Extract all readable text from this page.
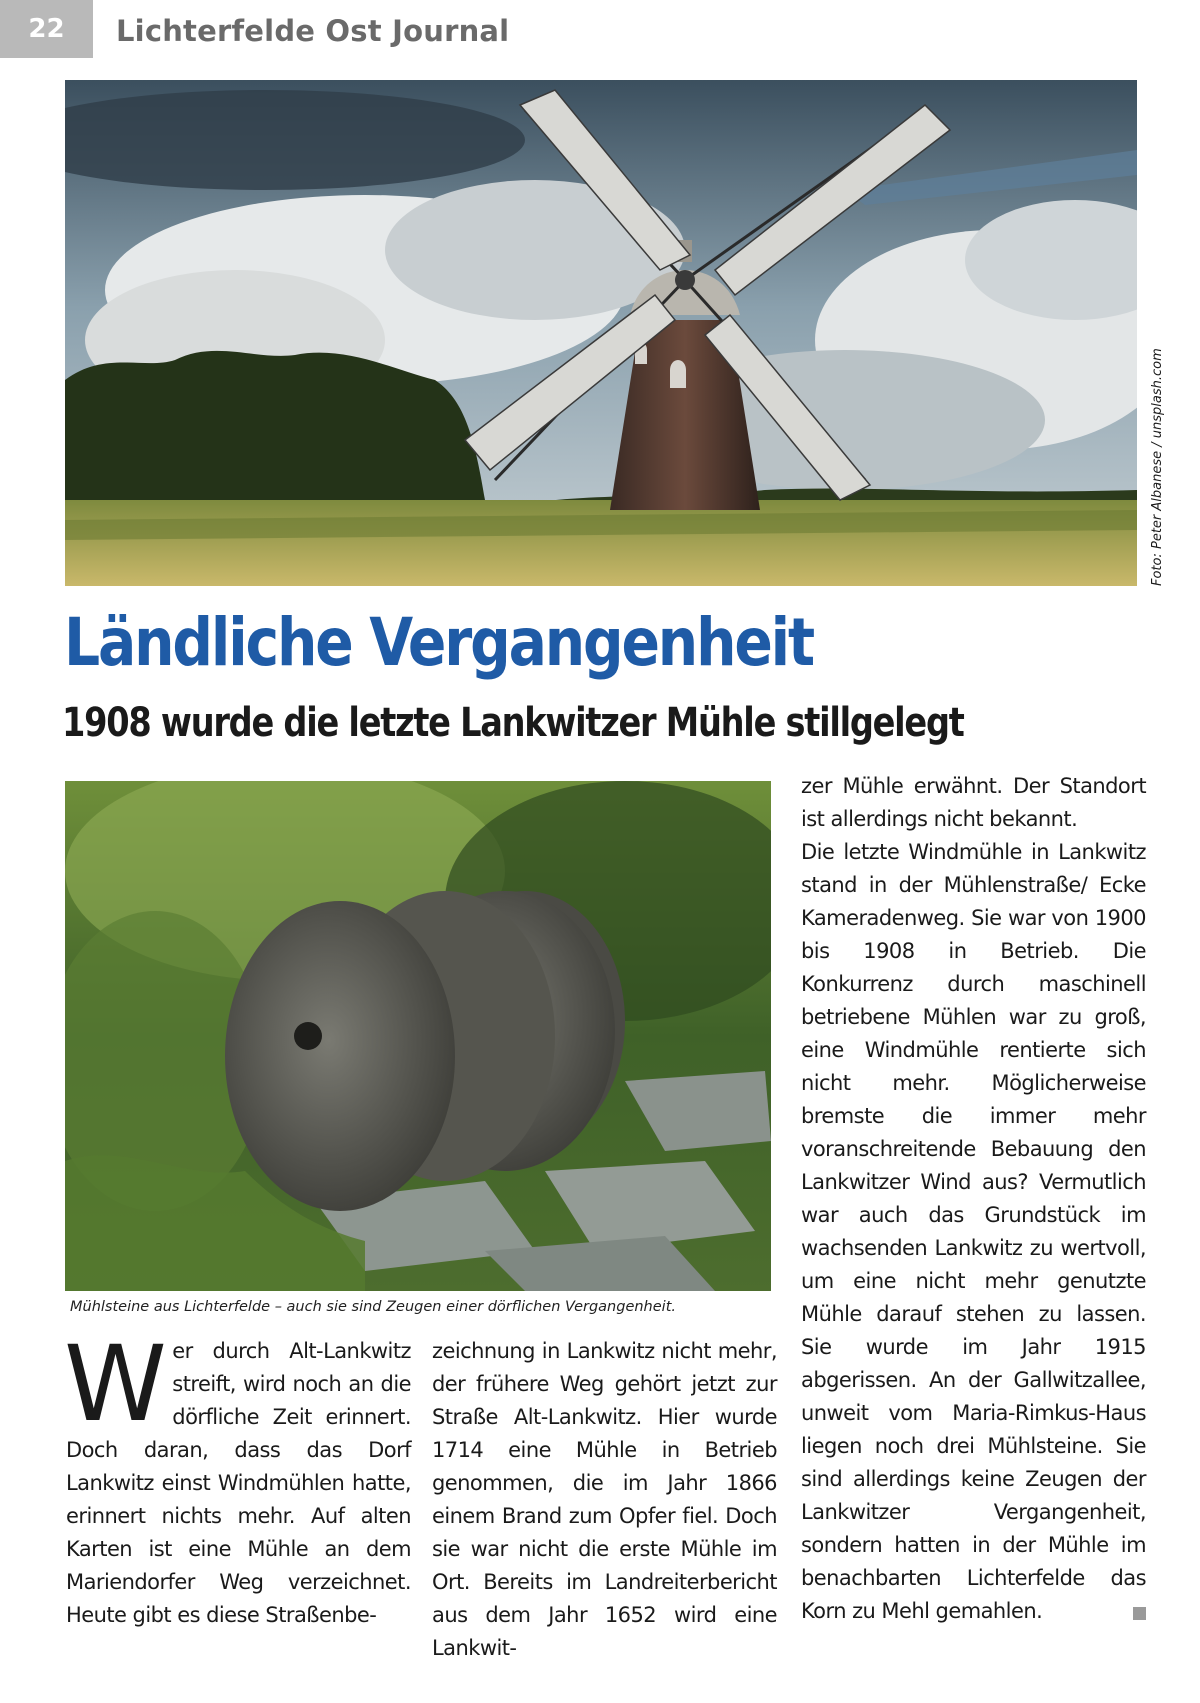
22	Lichterfelde Ost Journal
Foto: Peter Albanese / unsplash.com
Ländliche Vergangenheit
1908 wurde die letzte Lankwitzer Mühle stillgelegt
Mühlsteine aus Lichterfelde – auch sie sind Zeugen einer dörflichen Vergangenheit.
W er durch Alt-Lankwitz streift, wird noch an die dörfliche Zeit erinnert. Doch daran, dass das Dorf Lankwitz einst Windmühlen hatte, erinnert nichts mehr. Auf alten Karten ist eine Mühle an dem Mariendorfer Weg verzeichnet. Heute gibt es diese Straßenbe-

zeichnung in Lankwitz nicht mehr, der frühere Weg gehört jetzt zur Straße Alt-Lankwitz. Hier wurde 1714 eine Mühle in Betrieb genommen, die im Jahr 1866 einem Brand zum Opfer fiel. Doch sie war nicht die erste Mühle im Ort. Bereits im Landreiterbericht aus dem Jahr 1652 wird eine Lankwit-

zer Mühle erwähnt. Der Standort ist allerdings nicht bekannt.

Die letzte Windmühle in Lankwitz stand in der Mühlenstraße/ Ecke Kameradenweg. Sie war von 1900 bis 1908 in Betrieb. Die Konkurrenz durch maschinell betriebene Mühlen war zu groß, eine Windmühle rentierte sich nicht mehr. Möglicherweise bremste die immer mehr voranschreitende Bebauung den Lankwitzer Wind aus? Vermutlich war auch das Grundstück im wachsenden Lankwitz zu wertvoll, um eine nicht mehr genutzte Mühle darauf stehen zu lassen. Sie wurde im Jahr 1915 abgerissen. An der Gallwitzallee, unweit vom Maria-Rimkus-Haus liegen noch drei Mühlsteine. Sie sind allerdings keine Zeugen der Lankwitzer Vergangenheit, sondern hatten in der Mühle im benachbarten Lichterfelde das Korn zu Mehl gemahlen.
